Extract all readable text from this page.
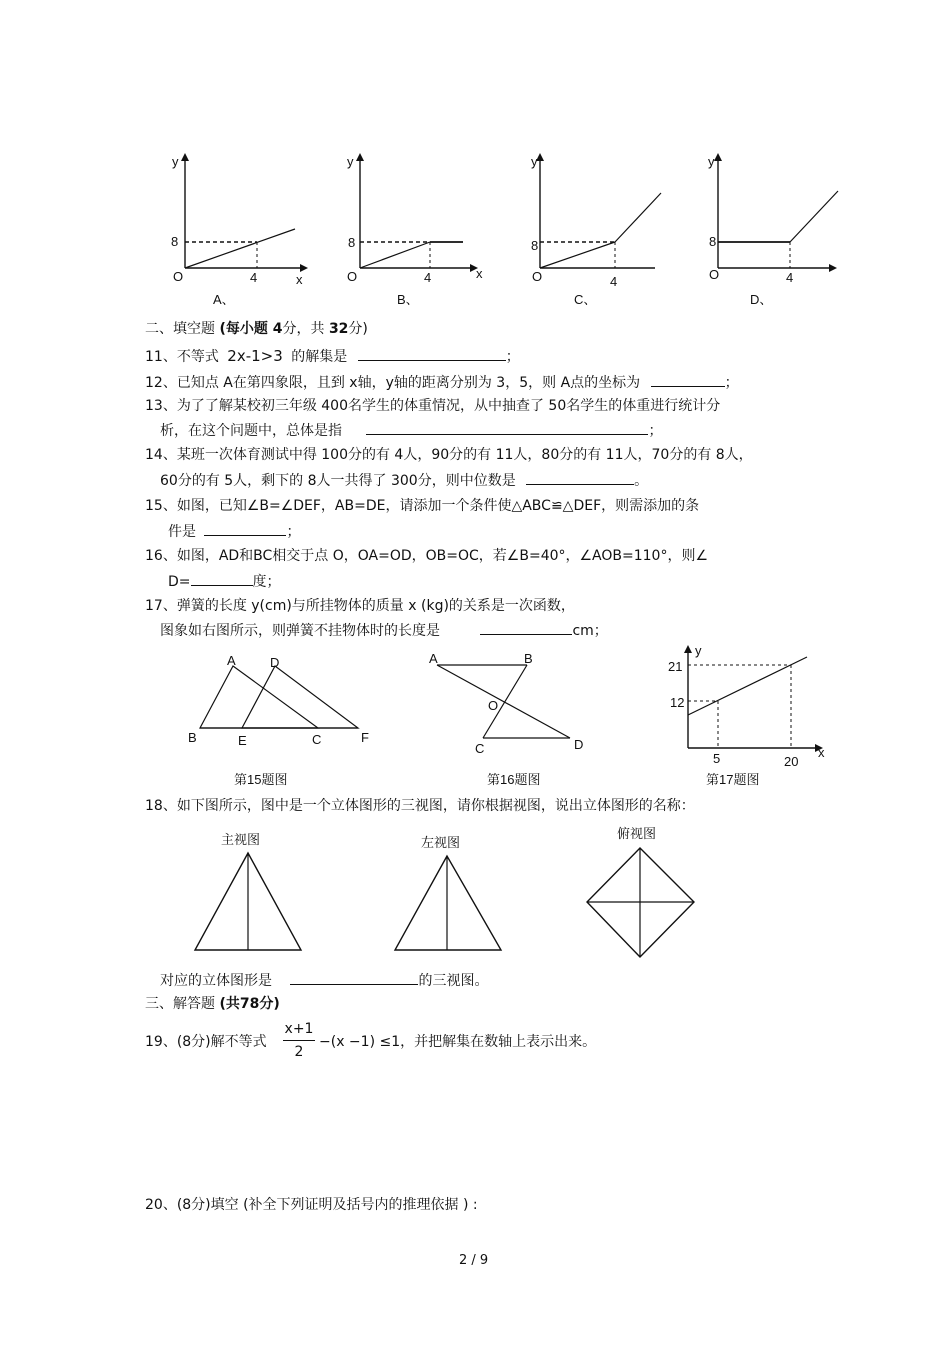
y
8
O	4	x
A、
y
8
O	4	x
B、
y
8
O	4
C、
y
8
O	4
D、
二、填空题 (每小题 4分，共 32分)
11、不等式 2x-1>3 的解集是	；
12、已知点 A在第四象限，且到 x轴，y轴的距离分别为 3，5，则 A点的坐标为	；
13、为了了解某校初三年级 400名学生的体重情况，从中抽查了 50名学生的体重进行统计分
析，在这个问题中，总体是指	；
14、某班一次体育测试中得 100分的有 4人，90分的有 11人，80分的有 11人，70分的有 8人，
60分的有 5人，剩下的 8人一共得了 300分，则中位数是	。
15、如图，已知∠B=∠DEF，AB=DE，请添加一个条件使△ABC≌△DEF，则需添加的条
件是	；
16、如图，AD和BC相交于点 O，OA=OD，OB=OC，若∠B=40°，∠AOB=110°，则∠
D=	度；
17、弹簧的长度 y(cm)与所挂物体的质量 x (kg)的关系是一次函数，
图象如右图所示，则弹簧不挂物体时的长度是	cm；
A	D
B	E	C	F
第15题图
A	B
O
C	D
第16题图
y
21
12
5	20
x
第17题图
18、如下图所示，图中是一个立体图形的三视图，请你根据视图，说出立体图形的名称：
主视图	左视图
俯视图
对应的立体图形是	的三视图。
三、解答题 (共78分)
19、(8分)解不等式
x+1
2
−(x −1) ≤1，并把解集在数轴上表示出来。
20、(8分)填空 (补全下列证明及括号内的推理依据 ) :
2 / 9
